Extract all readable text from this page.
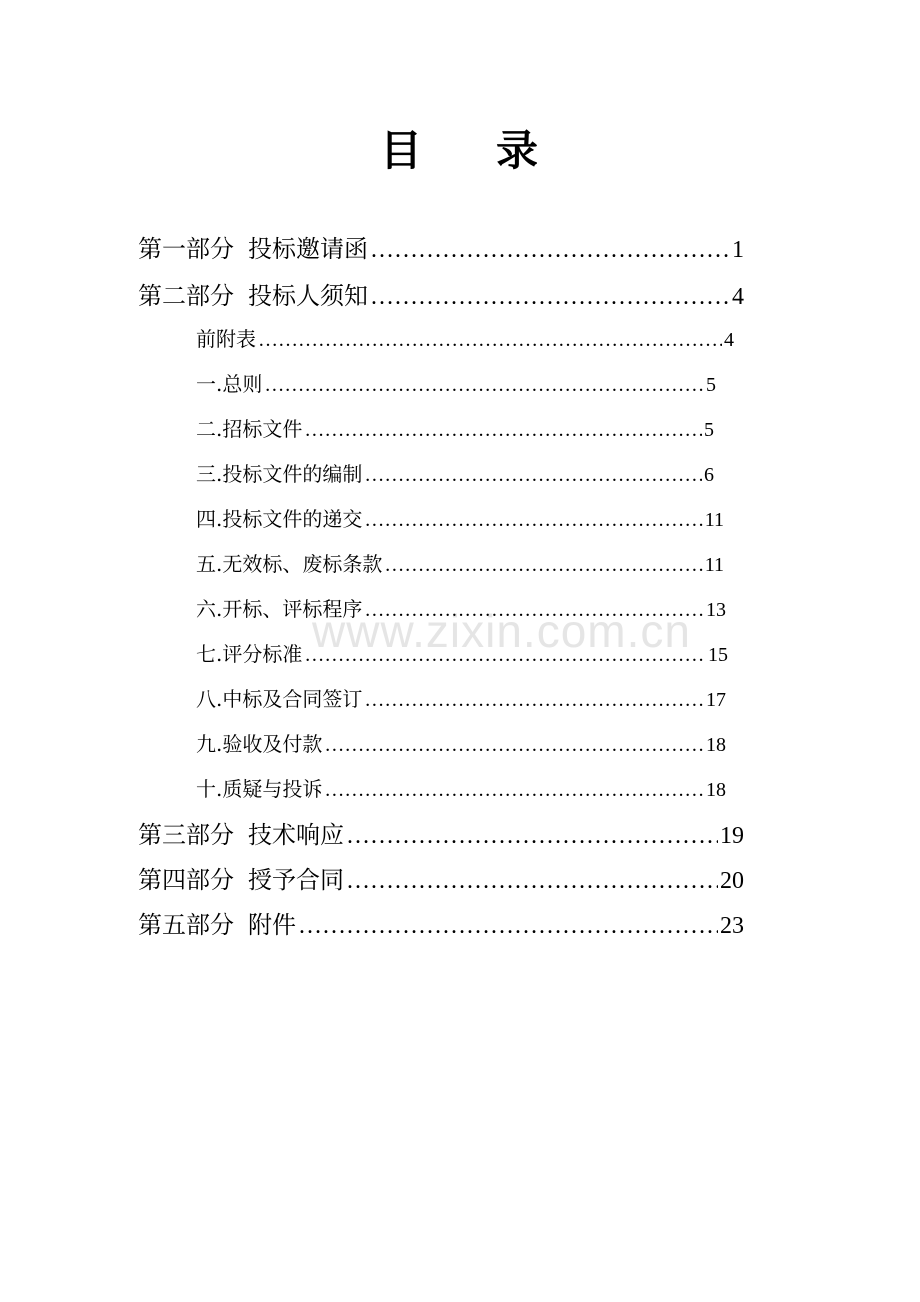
目 录
www.zixin.com.cn
第一部分 投标邀请函 ……………………………………………………………………………………………………………………………………	1
第二部分 投标人须知 ……………………………………………………………………………………………………………………………………	4
前附表 ……………………………………………………………………………………………………………………………………	4
一.总则 ……………………………………………………………………………………………………………………………………	5
二.招标文件 ……………………………………………………………………………………………………………………………………	5
三.投标文件的编制 ……………………………………………………………………………………………………………………………………	6
四.投标文件的递交 ……………………………………………………………………………………………………………………………………	11
五.无效标、废标条款 ……………………………………………………………………………………………………………………………………	11
六.开标、评标程序 ……………………………………………………………………………………………………………………………………	13
七.评分标准 ……………………………………………………………………………………………………………………………………	15
八.中标及合同签订 ……………………………………………………………………………………………………………………………………	17
九.验收及付款 ……………………………………………………………………………………………………………………………………	18
十.质疑与投诉 ……………………………………………………………………………………………………………………………………	18
第三部分 技术响应 ……………………………………………………………………………………………………………………………………	19
第四部分 授予合同 ……………………………………………………………………………………………………………………………………	20
第五部分 附件 ……………………………………………………………………………………………………………………………………	23
